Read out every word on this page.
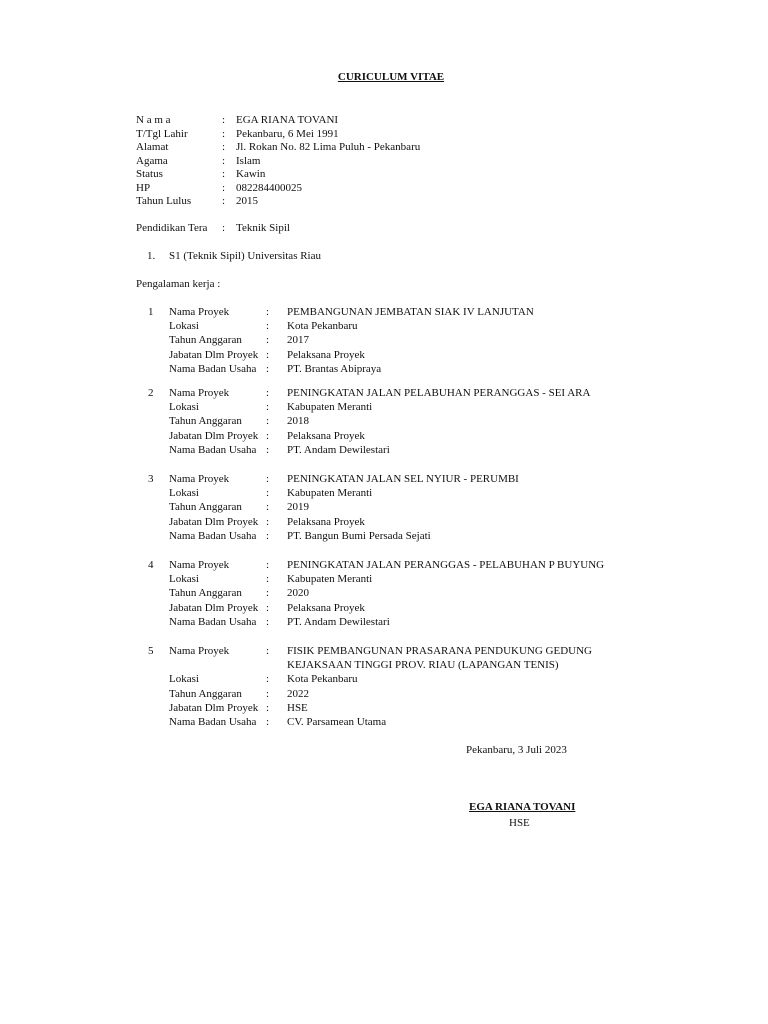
CURICULUM VITAE
N a m a	: EGA RIANA TOVANI
T/Tgl Lahir	: Pekanbaru, 6 Mei 1991
Alamat	: Jl. Rokan No. 82 Lima Puluh - Pekanbaru
Agama	: Islam
Status	: Kawin
HP	: 082284400025
Tahun Lulus	: 2015
Pendidikan Tera	: Teknik Sipil
1. S1 (Teknik Sipil) Universitas Riau
Pengalaman kerja :
1 Nama Proyek	: PEMBANGUNAN JEMBATAN SIAK IV LANJUTAN
Lokasi	: Kota Pekanbaru
Tahun Anggaran : 2017
Jabatan Dlm Proyek : Pelaksana Proyek
Nama Badan Usaha : PT. Brantas Abipraya
2 Nama Proyek	: PENINGKATAN JALAN PELABUHAN PERANGGAS - SEI ARA
Lokasi	: Kabupaten Meranti
Tahun Anggaran : 2018
Jabatan Dlm Proyek : Pelaksana Proyek
Nama Badan Usaha : PT. Andam Dewilestari
3 Nama Proyek	: PENINGKATAN JALAN SEL NYIUR - PERUMBI
Lokasi	: Kabupaten Meranti
Tahun Anggaran : 2019
Jabatan Dlm Proyek : Pelaksana Proyek
Nama Badan Usaha : PT. Bangun Bumi Persada Sejati
4 Nama Proyek	: PENINGKATAN JALAN PERANGGAS - PELABUHAN P BUYUNG
Lokasi	: Kabupaten Meranti
Tahun Anggaran : 2020
Jabatan Dlm Proyek : Pelaksana Proyek
Nama Badan Usaha : PT. Andam Dewilestari
5 Nama Proyek	: FISIK PEMBANGUNAN PRASARANA PENDUKUNG GEDUNG
KEJAKSAAN TINGGI PROV. RIAU (LAPANGAN TENIS)
Lokasi	: Kota Pekanbaru
Tahun Anggaran : 2022
Jabatan Dlm Proyek : HSE
Nama Badan Usaha : CV. Parsamean Utama
Pekanbaru, 3 Juli 2023
EGA RIANA TOVANI
HSE
